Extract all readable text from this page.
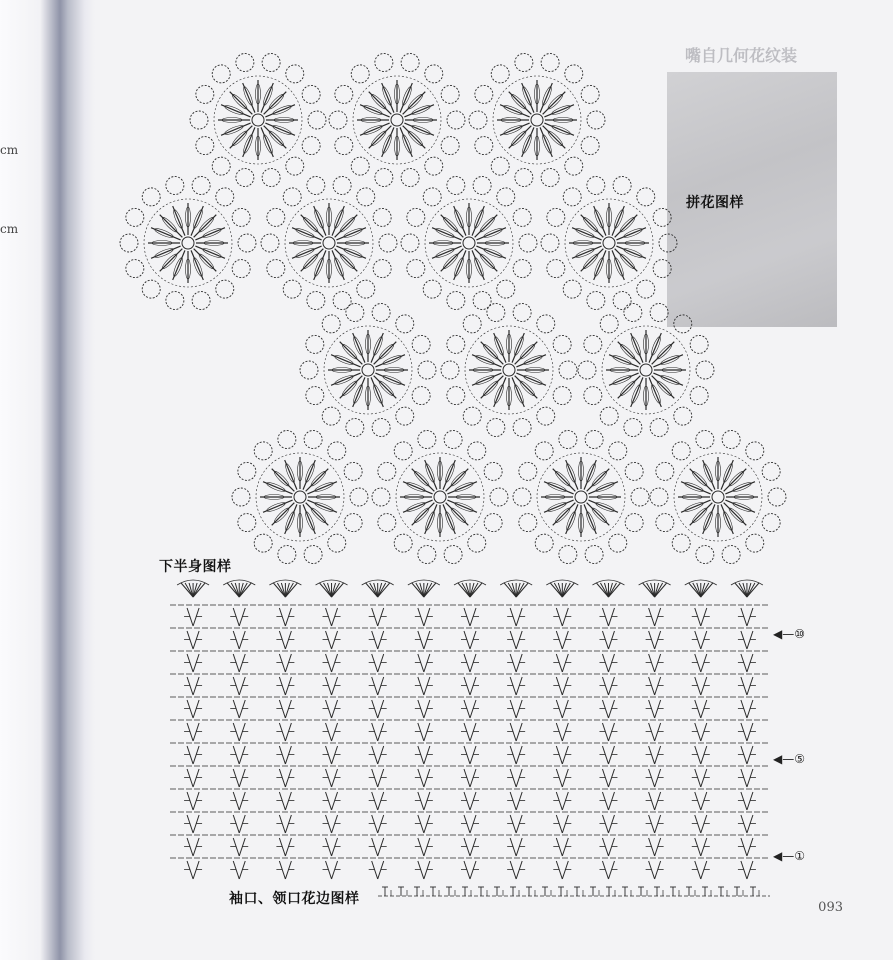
cm
cm
嘴自几何花纹装
拼花图样
下半身图样
袖口、领口花边图样
◀—⑩
◀—⑤
◀—①
093
